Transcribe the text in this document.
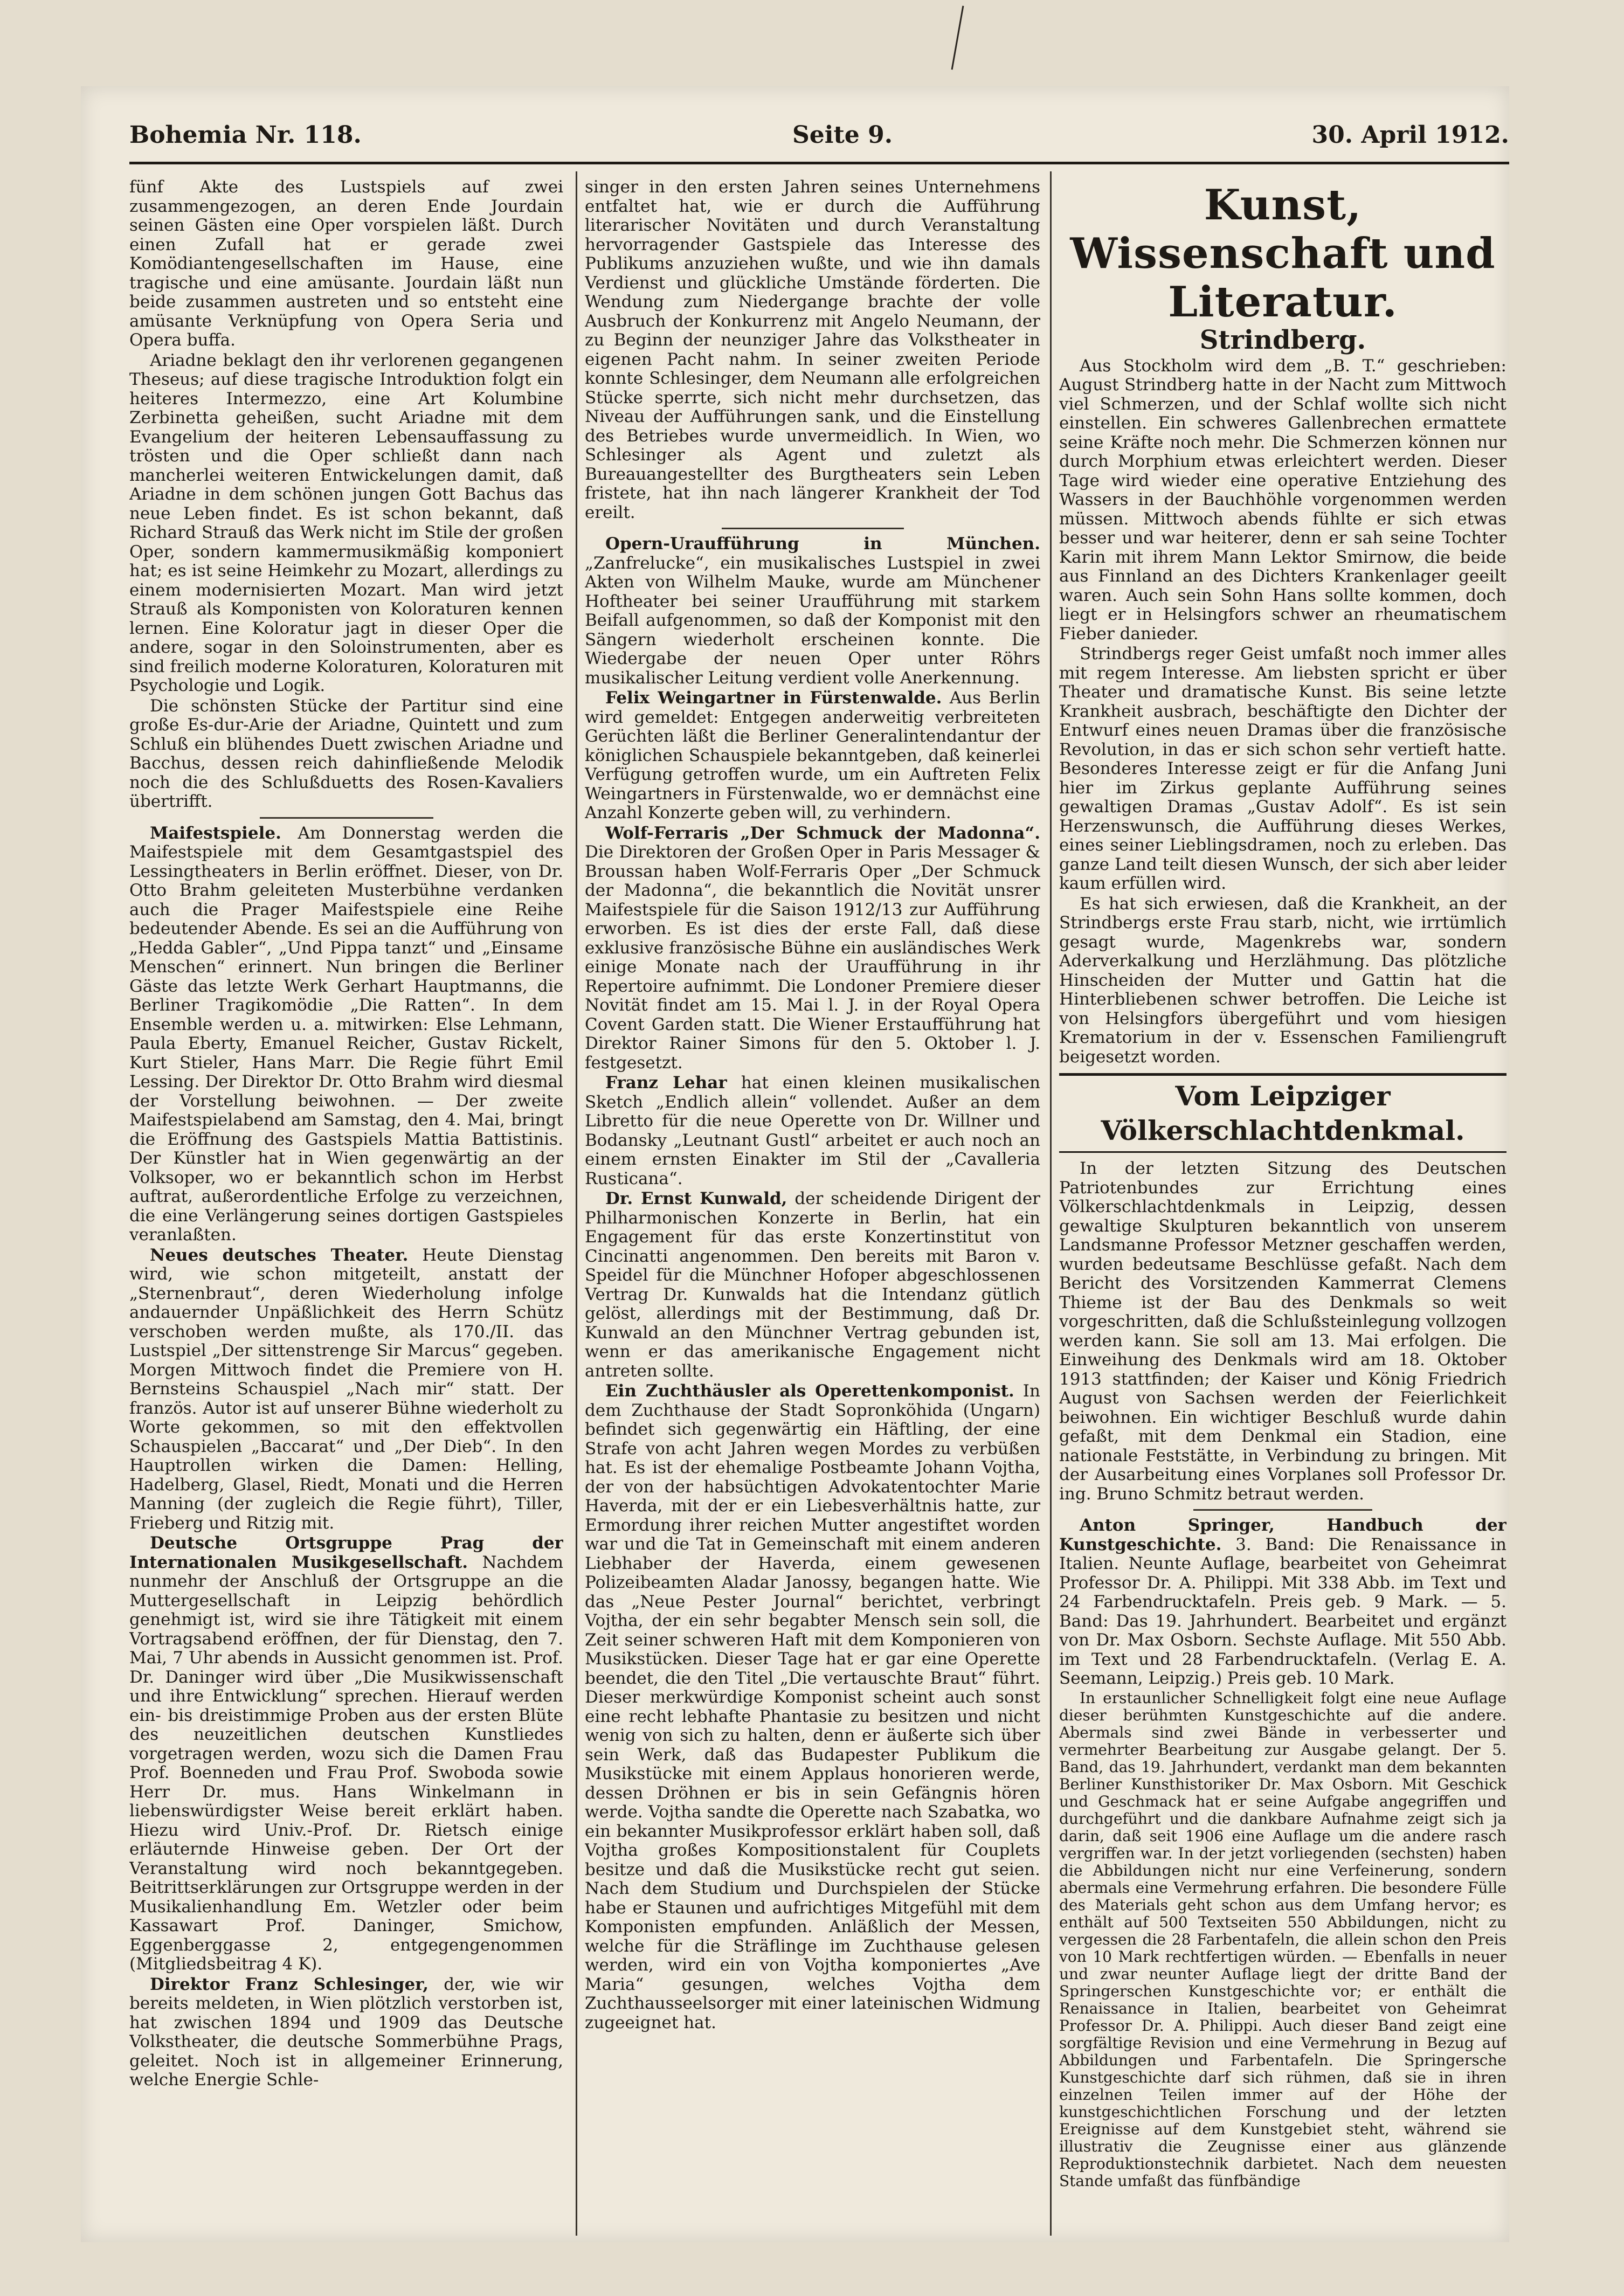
Bohemia Nr. 118.	Seite 9.	30. April 1912.

fünf Akte des Lustspiels auf zwei zusammengezogen, an deren Ende Jourdain seinen Gästen eine Oper vorspielen läßt. Durch einen Zufall hat er gerade zwei Komödiantengesellschaften im Hause, eine tragische und eine amüsante. Jourdain läßt nun beide zusammen austreten und so entsteht eine amüsante Verknüpfung von Opera Seria und Opera buffa.

Ariadne beklagt den ihr verlorenen gegangenen Theseus; auf diese tragische Introduktion folgt ein heiteres Intermezzo, eine Art Kolumbine Zerbinetta geheißen, sucht Ariadne mit dem Evangelium der heiteren Lebensauffassung zu trösten und die Oper schließt dann nach mancherlei weiteren Entwickelungen damit, daß Ariadne in dem schönen jungen Gott Bachus das neue Leben findet. Es ist schon bekannt, daß Richard Strauß das Werk nicht im Stile der großen Oper, sondern kammermusikmäßig komponiert hat; es ist seine Heimkehr zu Mozart, allerdings zu einem modernisierten Mozart. Man wird jetzt Strauß als Komponisten von Koloraturen kennen lernen. Eine Koloratur jagt in dieser Oper die andere, sogar in den Soloinstrumenten, aber es sind freilich moderne Koloraturen, Koloraturen mit Psychologie und Logik.

Die schönsten Stücke der Partitur sind eine große Es-dur-Arie der Ariadne, Quintett und zum Schluß ein blühendes Duett zwischen Ariadne und Bacchus, dessen reich dahinfließende Melodik noch die des Schlußduetts des Rosen-Kavaliers übertrifft.

Maifestspiele. Am Donnerstag werden die Maifestspiele mit dem Gesamtgastspiel des Lessingtheaters in Berlin eröffnet. Dieser, von Dr. Otto Brahm geleiteten Musterbühne verdanken auch die Prager Maifestspiele eine Reihe bedeutender Abende. Es sei an die Aufführung von „Hedda Gabler“, „Und Pippa tanzt“ und „Einsame Menschen“ erinnert. Nun bringen die Berliner Gäste das letzte Werk Gerhart Hauptmanns, die Berliner Tragikomödie „Die Ratten“. In dem Ensemble werden u. a. mitwirken: Else Lehmann, Paula Eberty, Emanuel Reicher, Gustav Rickelt, Kurt Stieler, Hans Marr. Die Regie führt Emil Lessing. Der Direktor Dr. Otto Brahm wird diesmal der Vorstellung beiwohnen. — Der zweite Maifestspielabend am Samstag, den 4. Mai, bringt die Eröffnung des Gastspiels Mattia Battistinis. Der Künstler hat in Wien gegenwärtig an der Volksoper, wo er bekanntlich schon im Herbst auftrat, außerordentliche Erfolge zu verzeichnen, die eine Verlängerung seines dortigen Gastspieles veranlaßten.

Neues deutsches Theater. Heute Dienstag wird, wie schon mitgeteilt, anstatt der „Sternenbraut“, deren Wiederholung infolge andauernder Unpäßlichkeit des Herrn Schütz verschoben werden mußte, als 170./II. das Lustspiel „Der sittenstrenge Sir Marcus“ gegeben. Morgen Mittwoch findet die Premiere von H. Bernsteins Schauspiel „Nach mir“ statt. Der französ. Autor ist auf unserer Bühne wiederholt zu Worte gekommen, so mit den effektvollen Schauspielen „Baccarat“ und „Der Dieb“. In den Hauptrollen wirken die Damen: Helling, Hadelberg, Glasel, Riedt, Monati und die Herren Manning (der zugleich die Regie führt), Tiller, Frieberg und Ritzig mit.

Deutsche Ortsgruppe Prag der Internationalen Musikgesellschaft. Nachdem nunmehr der Anschluß der Ortsgruppe an die Muttergesellschaft in Leipzig behördlich genehmigt ist, wird sie ihre Tätigkeit mit einem Vortragsabend eröffnen, der für Dienstag, den 7. Mai, 7 Uhr abends in Aussicht genommen ist. Prof. Dr. Daninger wird über „Die Musikwissenschaft und ihre Entwicklung“ sprechen. Hierauf werden ein- bis dreistimmige Proben aus der ersten Blüte des neuzeitlichen deutschen Kunstliedes vorgetragen werden, wozu sich die Damen Frau Prof. Boenneden und Frau Prof. Swoboda sowie Herr Dr. mus. Hans Winkelmann in liebenswürdigster Weise bereit erklärt haben. Hiezu wird Univ.-Prof. Dr. Rietsch einige erläuternde Hinweise geben. Der Ort der Veranstaltung wird noch bekanntgegeben. Beitrittserklärungen zur Ortsgruppe werden in der Musikalienhandlung Em. Wetzler oder beim Kassawart Prof. Daninger, Smichow, Eggenberggasse 2, entgegengenommen (Mitgliedsbeitrag 4 K).

Direktor Franz Schlesinger, der, wie wir bereits meldeten, in Wien plötzlich verstorben ist, hat zwischen 1894 und 1909 das Deutsche Volkstheater, die deutsche Sommerbühne Prags, geleitet. Noch ist in allgemeiner Erinnerung, welche Energie Schle-

singer in den ersten Jahren seines Unternehmens entfaltet hat, wie er durch die Aufführung literarischer Novitäten und durch Veranstaltung hervorragender Gastspiele das Interesse des Publikums anzuziehen wußte, und wie ihn damals Verdienst und glückliche Umstände förderten. Die Wendung zum Niedergange brachte der volle Ausbruch der Konkurrenz mit Angelo Neumann, der zu Beginn der neunziger Jahre das Volkstheater in eigenen Pacht nahm. In seiner zweiten Periode konnte Schlesinger, dem Neumann alle erfolgreichen Stücke sperrte, sich nicht mehr durchsetzen, das Niveau der Aufführungen sank, und die Einstellung des Betriebes wurde unvermeidlich. In Wien, wo Schlesinger als Agent und zuletzt als Bureauangestellter des Burgtheaters sein Leben fristete, hat ihn nach längerer Krankheit der Tod ereilt.

Opern-Uraufführung in München. „Zanfrelucke“, ein musikalisches Lustspiel in zwei Akten von Wilhelm Mauke, wurde am Münchener Hoftheater bei seiner Uraufführung mit starkem Beifall aufgenommen, so daß der Komponist mit den Sängern wiederholt erscheinen konnte. Die Wiedergabe der neuen Oper unter Röhrs musikalischer Leitung verdient volle Anerkennung.

Felix Weingartner in Fürstenwalde. Aus Berlin wird gemeldet: Entgegen anderweitig verbreiteten Gerüchten läßt die Berliner Generalintendantur der königlichen Schauspiele bekanntgeben, daß keinerlei Verfügung getroffen wurde, um ein Auftreten Felix Weingartners in Fürstenwalde, wo er demnächst eine Anzahl Konzerte geben will, zu verhindern.

Wolf-Ferraris „Der Schmuck der Madonna“. Die Direktoren der Großen Oper in Paris Messager & Broussan haben Wolf-Ferraris Oper „Der Schmuck der Madonna“, die bekanntlich die Novität unsrer Maifestspiele für die Saison 1912/13 zur Aufführung erworben. Es ist dies der erste Fall, daß diese exklusive französische Bühne ein ausländisches Werk einige Monate nach der Uraufführung in ihr Repertoire aufnimmt. Die Londoner Premiere dieser Novität findet am 15. Mai l. J. in der Royal Opera Covent Garden statt. Die Wiener Erstaufführung hat Direktor Rainer Simons für den 5. Oktober l. J. festgesetzt.

Franz Lehar hat einen kleinen musikalischen Sketch „Endlich allein“ vollendet. Außer an dem Libretto für die neue Operette von Dr. Willner und Bodansky „Leutnant Gustl“ arbeitet er auch noch an einem ernsten Einakter im Stil der „Cavalleria Rusticana“.

Dr. Ernst Kunwald, der scheidende Dirigent der Philharmonischen Konzerte in Berlin, hat ein Engagement für das erste Konzertinstitut von Cincinatti angenommen. Den bereits mit Baron v. Speidel für die Münchner Hofoper abgeschlossenen Vertrag Dr. Kunwalds hat die Intendanz gütlich gelöst, allerdings mit der Bestimmung, daß Dr. Kunwald an den Münchner Vertrag gebunden ist, wenn er das amerikanische Engagement nicht antreten sollte.

Ein Zuchthäusler als Operettenkomponist. In dem Zuchthause der Stadt Sopronköhida (Ungarn) befindet sich gegenwärtig ein Häftling, der eine Strafe von acht Jahren wegen Mordes zu verbüßen hat. Es ist der ehemalige Postbeamte Johann Vojtha, der von der habsüchtigen Advokatentochter Marie Haverda, mit der er ein Liebesverhältnis hatte, zur Ermordung ihrer reichen Mutter angestiftet worden war und die Tat in Gemeinschaft mit einem anderen Liebhaber der Haverda, einem gewesenen Polizeibeamten Aladar Janossy, begangen hatte. Wie das „Neue Pester Journal“ berichtet, verbringt Vojtha, der ein sehr begabter Mensch sein soll, die Zeit seiner schweren Haft mit dem Komponieren von Musikstücken. Dieser Tage hat er gar eine Operette beendet, die den Titel „Die vertauschte Braut“ führt. Dieser merkwürdige Komponist scheint auch sonst eine recht lebhafte Phantasie zu besitzen und nicht wenig von sich zu halten, denn er äußerte sich über sein Werk, daß das Budapester Publikum die Musikstücke mit einem Applaus honorieren werde, dessen Dröhnen er bis in sein Gefängnis hören werde. Vojtha sandte die Operette nach Szabatka, wo ein bekannter Musikprofessor erklärt haben soll, daß Vojtha großes Kompositionstalent für Couplets besitze und daß die Musikstücke recht gut seien. Nach dem Studium und Durchspielen der Stücke habe er Staunen und aufrichtiges Mitgefühl mit dem Komponisten empfunden. Anläßlich der Messen, welche für die Sträflinge im Zuchthause gelesen werden, wird ein von Vojtha komponiertes „Ave Maria“ gesungen, welches Vojtha dem Zuchthausseelsorger mit einer lateinischen Widmung zugeeignet hat.

Kunst, Wissenschaft und Literatur.
Strindberg.

Aus Stockholm wird dem „B. T.“ geschrieben: August Strindberg hatte in der Nacht zum Mittwoch viel Schmerzen, und der Schlaf wollte sich nicht einstellen. Ein schweres Gallenbrechen ermattete seine Kräfte noch mehr. Die Schmerzen können nur durch Morphium etwas erleichtert werden. Dieser Tage wird wieder eine operative Entziehung des Wassers in der Bauchhöhle vorgenommen werden müssen. Mittwoch abends fühlte er sich etwas besser und war heiterer, denn er sah seine Tochter Karin mit ihrem Mann Lektor Smirnow, die beide aus Finnland an des Dichters Krankenlager geeilt waren. Auch sein Sohn Hans sollte kommen, doch liegt er in Helsingfors schwer an rheumatischem Fieber danieder.

Strindbergs reger Geist umfaßt noch immer alles mit regem Interesse. Am liebsten spricht er über Theater und dramatische Kunst. Bis seine letzte Krankheit ausbrach, beschäftigte den Dichter der Entwurf eines neuen Dramas über die französische Revolution, in das er sich schon sehr vertieft hatte. Besonderes Interesse zeigt er für die Anfang Juni hier im Zirkus geplante Aufführung seines gewaltigen Dramas „Gustav Adolf“. Es ist sein Herzenswunsch, die Aufführung dieses Werkes, eines seiner Lieblingsdramen, noch zu erleben. Das ganze Land teilt diesen Wunsch, der sich aber leider kaum erfüllen wird.

Es hat sich erwiesen, daß die Krankheit, an der Strindbergs erste Frau starb, nicht, wie irrtümlich gesagt wurde, Magenkrebs war, sondern Aderverkalkung und Herzlähmung. Das plötzliche Hinscheiden der Mutter und Gattin hat die Hinterbliebenen schwer betroffen. Die Leiche ist von Helsingfors übergeführt und vom hiesigen Krematorium in der v. Essenschen Familiengruft beigesetzt worden.

Vom Leipziger Völkerschlachtdenkmal.

In der letzten Sitzung des Deutschen Patriotenbundes zur Errichtung eines Völkerschlachtdenkmals in Leipzig, dessen gewaltige Skulpturen bekanntlich von unserem Landsmanne Professor Metzner geschaffen werden, wurden bedeutsame Beschlüsse gefaßt. Nach dem Bericht des Vorsitzenden Kammerrat Clemens Thieme ist der Bau des Denkmals so weit vorgeschritten, daß die Schlußsteinlegung vollzogen werden kann. Sie soll am 13. Mai erfolgen. Die Einweihung des Denkmals wird am 18. Oktober 1913 stattfinden; der Kaiser und König Friedrich August von Sachsen werden der Feierlichkeit beiwohnen. Ein wichtiger Beschluß wurde dahin gefaßt, mit dem Denkmal ein Stadion, eine nationale Feststätte, in Verbindung zu bringen. Mit der Ausarbeitung eines Vorplanes soll Professor Dr. ing. Bruno Schmitz betraut werden.

Anton Springer, Handbuch der Kunstgeschichte. 3. Band: Die Renaissance in Italien. Neunte Auflage, bearbeitet von Geheimrat Professor Dr. A. Philippi. Mit 338 Abb. im Text und 24 Farbendrucktafeln. Preis geb. 9 Mark. — 5. Band: Das 19. Jahrhundert. Bearbeitet und ergänzt von Dr. Max Osborn. Sechste Auflage. Mit 550 Abb. im Text und 28 Farbendrucktafeln. (Verlag E. A. Seemann, Leipzig.) Preis geb. 10 Mark.

In erstaunlicher Schnelligkeit folgt eine neue Auflage dieser berühmten Kunstgeschichte auf die andere. Abermals sind zwei Bände in verbesserter und vermehrter Bearbeitung zur Ausgabe gelangt. Der 5. Band, das 19. Jahrhundert, verdankt man dem bekannten Berliner Kunsthistoriker Dr. Max Osborn. Mit Geschick und Geschmack hat er seine Aufgabe angegriffen und durchgeführt und die dankbare Aufnahme zeigt sich ja darin, daß seit 1906 eine Auflage um die andere rasch vergriffen war. In der jetzt vorliegenden (sechsten) haben die Abbildungen nicht nur eine Verfeinerung, sondern abermals eine Vermehrung erfahren. Die besondere Fülle des Materials geht schon aus dem Umfang hervor; es enthält auf 500 Textseiten 550 Abbildungen, nicht zu vergessen die 28 Farbentafeln, die allein schon den Preis von 10 Mark rechtfertigen würden. — Ebenfalls in neuer und zwar neunter Auflage liegt der dritte Band der Springerschen Kunstgeschichte vor; er enthält die Renaissance in Italien, bearbeitet von Geheimrat Professor Dr. A. Philippi. Auch dieser Band zeigt eine sorgfältige Revision und eine Vermehrung in Bezug auf Abbildungen und Farbentafeln. Die Springersche Kunstgeschichte darf sich rühmen, daß sie in ihren einzelnen Teilen immer auf der Höhe der kunstgeschichtlichen Forschung und der letzten Ereignisse auf dem Kunstgebiet steht, während sie illustrativ die Zeugnisse einer aus glänzende Reproduktionstechnik darbietet. Nach dem neuesten Stande umfaßt das fünfbändige
